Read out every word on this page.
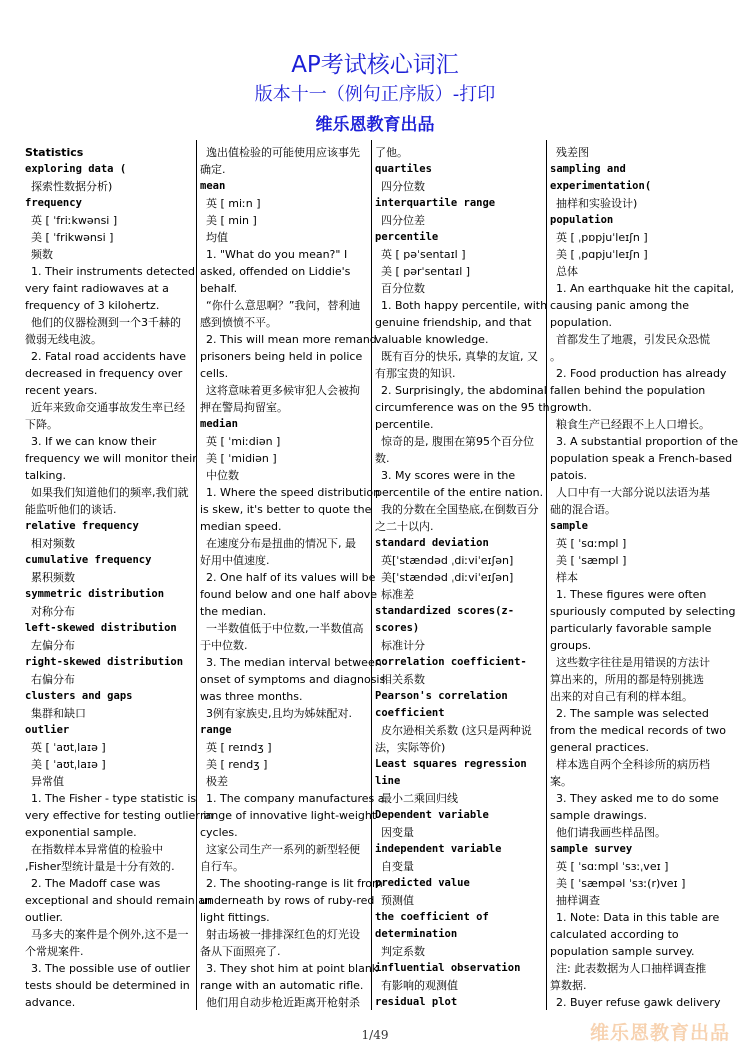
AP考试核心词汇
版本十一（例句正序版）-打印
维乐恩教育出品
Statistics
exploring data (
探索性数据分析)
frequency
英 [ ˈfriːkwənsi ]
美 [ ˈfrikwənsi ]
频数
1. Their instruments detected
very faint radiowaves at a
frequency of 3 kilohertz.
他们的仪器检测到一个3千赫的
微弱无线电波。
2. Fatal road accidents have
decreased in frequency over
recent years.
近年来致命交通事故发生率已经
下降。
3. If we can know their
frequency we will monitor their
talking.
如果我们知道他们的频率,我们就
能监听他们的谈话.
relative frequency
相对频数
cumulative frequency
累积频数
symmetric distribution
对称分布
left-skewed distribution
左偏分布
right-skewed distribution
右偏分布
clusters and gaps
集群和缺口
outlier
英 [ ˈaʊtˌlaɪə ]
美 [ ˈaʊtˌlaɪə ]
异常值
1. The Fisher - type statistic is
very effective for testing outlier in
exponential sample.
在指数样本异常值的检验中
,Fisher型统计量是十分有效的.
2. The Madoff case was
exceptional and should remain an
outlier.
马多夫的案件是个例外,这不是一
个常规案件.
3. The possible use of outlier
tests should be determined in
advance.
逸出值检验的可能使用应该事先
确定.
mean
英 [ miːn ]
美 [ min ]
均值
1. "What do you mean?" I
asked, offended on Liddie's
behalf.
“你什么意思啊？”我问，替利迪
感到愤愤不平。
2. This will mean more remand
prisoners being held in police
cells.
这将意味着更多候审犯人会被拘
押在警局拘留室。
median
英 [ ˈmiːdiən ]
美 [ ˈmidiən ]
中位数
1. Where the speed distribution
is skew, it's better to quote the
median speed.
在速度分布是扭曲的情况下, 最
好用中值速度.
2. One half of its values will be
found below and one half above
the median.
一半数值低于中位数,一半数值高
于中位数.
3. The median interval between
onset of symptoms and diagnosis
was three months.
3例有家族史,且均为姊妹配对.
range
英 [ reɪndʒ ]
美 [ rendʒ ]
极差
1. The company manufactures a
range of innovative light-weight
cycles.
这家公司生产一系列的新型轻便
自行车。
2. The shooting-range is lit from
underneath by rows of ruby-red
light fittings.
射击场被一排排深红色的灯光设
备从下面照亮了.
3. They shot him at point blank
range with an automatic rifle.
他们用自动步枪近距离开枪射杀
了他。
quartiles
四分位数
interquartile range
四分位差
percentile
英 [ pəˈsentaɪl ]
美 [ pərˈsentaɪl ]
百分位数
1. Both happy percentile, with
genuine friendship, and that
valuable knowledge.
既有百分的快乐, 真挚的友谊, 又
有那宝贵的知识.
2. Surprisingly, the abdominal
circumference was on the 95 th
percentile.
惊奇的是, 腹围在第95个百分位
数.
3. My scores were in the
percentile of the entire nation.
我的分数在全国垫底,在倒数百分
之二十以内.
standard deviation
英[ˈstændəd ˌdiːviˈeɪʃən]
美[ˈstændəd ˌdiːviˈeɪʃən]
标准差
standardized scores(z-
scores)
标准计分
correlation coefficient-
相关系数
Pearson's correlation
coefficient
皮尔逊相关系数 (这只是两种说
法，实际等价)
Least squares regression
line
最小二乘回归线
Dependent variable
因变量
independent variable
自变量
predicted value
预测值
the coefficient of
determination
判定系数
influential observation
有影响的观测值
residual plot
残差图
sampling and
experimentation(
抽样和实验设计)
population
英 [ ˌpɒpjuˈleɪʃn ]
美 [ ˌpɑpjuˈleɪʃn ]
总体
1. An earthquake hit the capital,
causing panic among the
population.
首都发生了地震，引发民众恐慌
。
2. Food production has already
fallen behind the population
growth.
粮食生产已经跟不上人口增长。
3. A substantial proportion of the
population speak a French-based
patois.
人口中有一大部分说以法语为基
础的混合语。
sample
英 [ ˈsɑːmpl ]
美 [ ˈsæmpl ]
样本
1. These figures were often
spuriously computed by selecting
particularly favorable sample
groups.
这些数字往往是用错误的方法计
算出来的，所用的都是特别挑选
出来的对自己有利的样本组。
2. The sample was selected
from the medical records of two
general practices.
样本选自两个全科诊所的病历档
案。
3. They asked me to do some
sample drawings.
他们请我画些样品图。
sample survey
英 [ ˈsɑːmpl ˈsɜːˌveɪ ]
美 [ ˈsæmpəl ˈsɜː(r)veɪ ]
抽样调查
1. Note: Data in this table are
calculated according to
population sample survey.
注: 此表数据为人口抽样调查推
算数据.
2. Buyer refuse gawk delivery
1/49	维乐恩教育出品
